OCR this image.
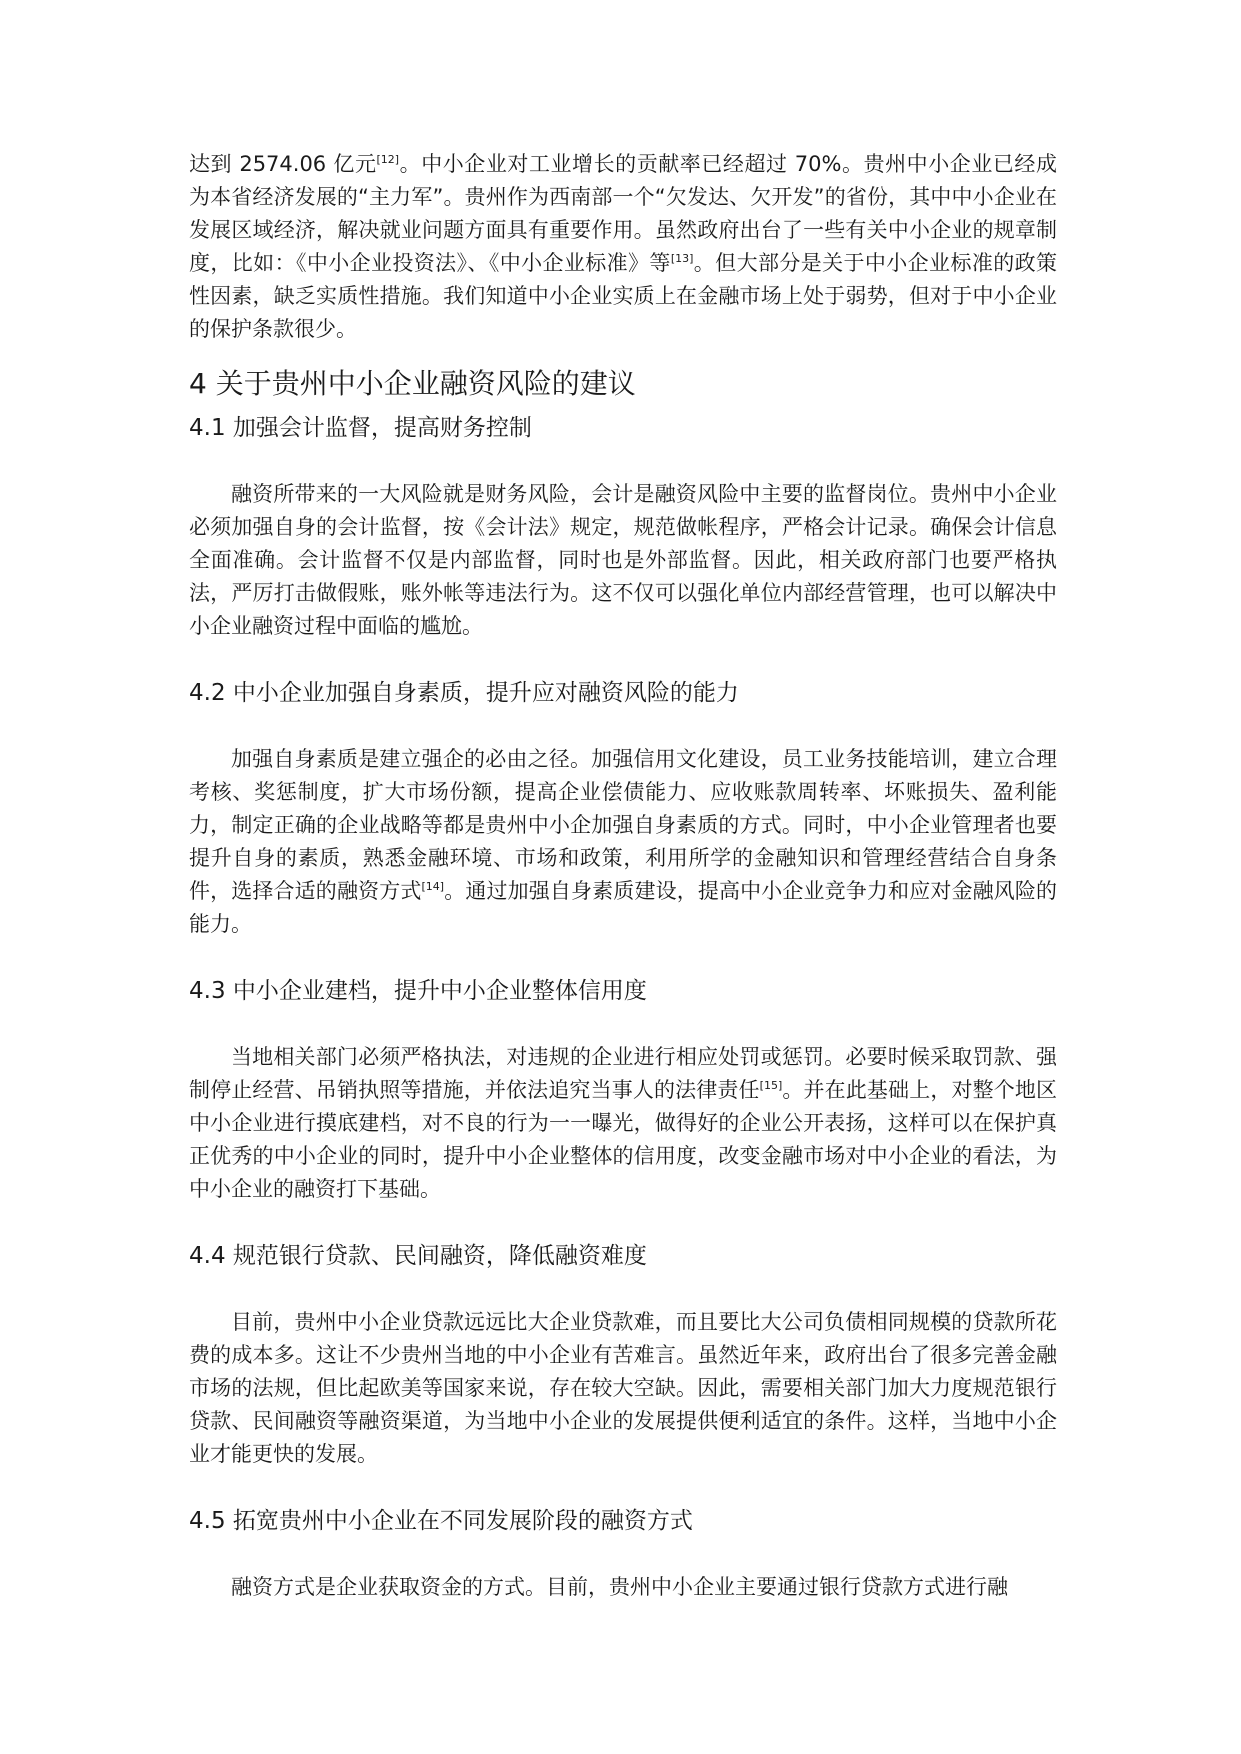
达到 2574.06 亿元[12]。中小企业对工业增长的贡献率已经超过 70%。贵州中小企业已经成为本省经济发展的“主力军”。贵州作为西南部一个“欠发达、欠开发”的省份，其中中小企业在发展区域经济，解决就业问题方面具有重要作用。虽然政府出台了一些有关中小企业的规章制度，比如：《中小企业投资法》、《中小企业标准》等[13]。但大部分是关于中小企业标准的政策性因素，缺乏实质性措施。我们知道中小企业实质上在金融市场上处于弱势，但对于中小企业的保护条款很少。

4 关于贵州中小企业融资风险的建议
4.1 加强会计监督，提高财务控制

融资所带来的一大风险就是财务风险，会计是融资风险中主要的监督岗位。贵州中小企业必须加强自身的会计监督，按《会计法》规定，规范做帐程序，严格会计记录。确保会计信息全面准确。会计监督不仅是内部监督，同时也是外部监督。因此，相关政府部门也要严格执法，严厉打击做假账，账外帐等违法行为。这不仅可以强化单位内部经营管理，也可以解决中小企业融资过程中面临的尴尬。

4.2 中小企业加强自身素质，提升应对融资风险的能力

加强自身素质是建立强企的必由之径。加强信用文化建设，员工业务技能培训，建立合理考核、奖惩制度，扩大市场份额，提高企业偿债能力、应收账款周转率、坏账损失、盈利能力，制定正确的企业战略等都是贵州中小企加强自身素质的方式。同时，中小企业管理者也要提升自身的素质，熟悉金融环境、市场和政策，利用所学的金融知识和管理经营结合自身条件，选择合适的融资方式[14]。通过加强自身素质建设，提高中小企业竞争力和应对金融风险的能力。

4.3 中小企业建档，提升中小企业整体信用度

当地相关部门必须严格执法，对违规的企业进行相应处罚或惩罚。必要时候采取罚款、强制停止经营、吊销执照等措施，并依法追究当事人的法律责任[15]。并在此基础上，对整个地区中小企业进行摸底建档，对不良的行为一一曝光，做得好的企业公开表扬，这样可以在保护真正优秀的中小企业的同时，提升中小企业整体的信用度，改变金融市场对中小企业的看法，为中小企业的融资打下基础。

4.4 规范银行贷款、民间融资，降低融资难度

目前，贵州中小企业贷款远远比大企业贷款难，而且要比大公司负债相同规模的贷款所花费的成本多。这让不少贵州当地的中小企业有苦难言。虽然近年来，政府出台了很多完善金融市场的法规，但比起欧美等国家来说，存在较大空缺。因此，需要相关部门加大力度规范银行贷款、民间融资等融资渠道，为当地中小企业的发展提供便利适宜的条件。这样，当地中小企业才能更快的发展。

4.5 拓宽贵州中小企业在不同发展阶段的融资方式

融资方式是企业获取资金的方式。目前，贵州中小企业主要通过银行贷款方式进行融
